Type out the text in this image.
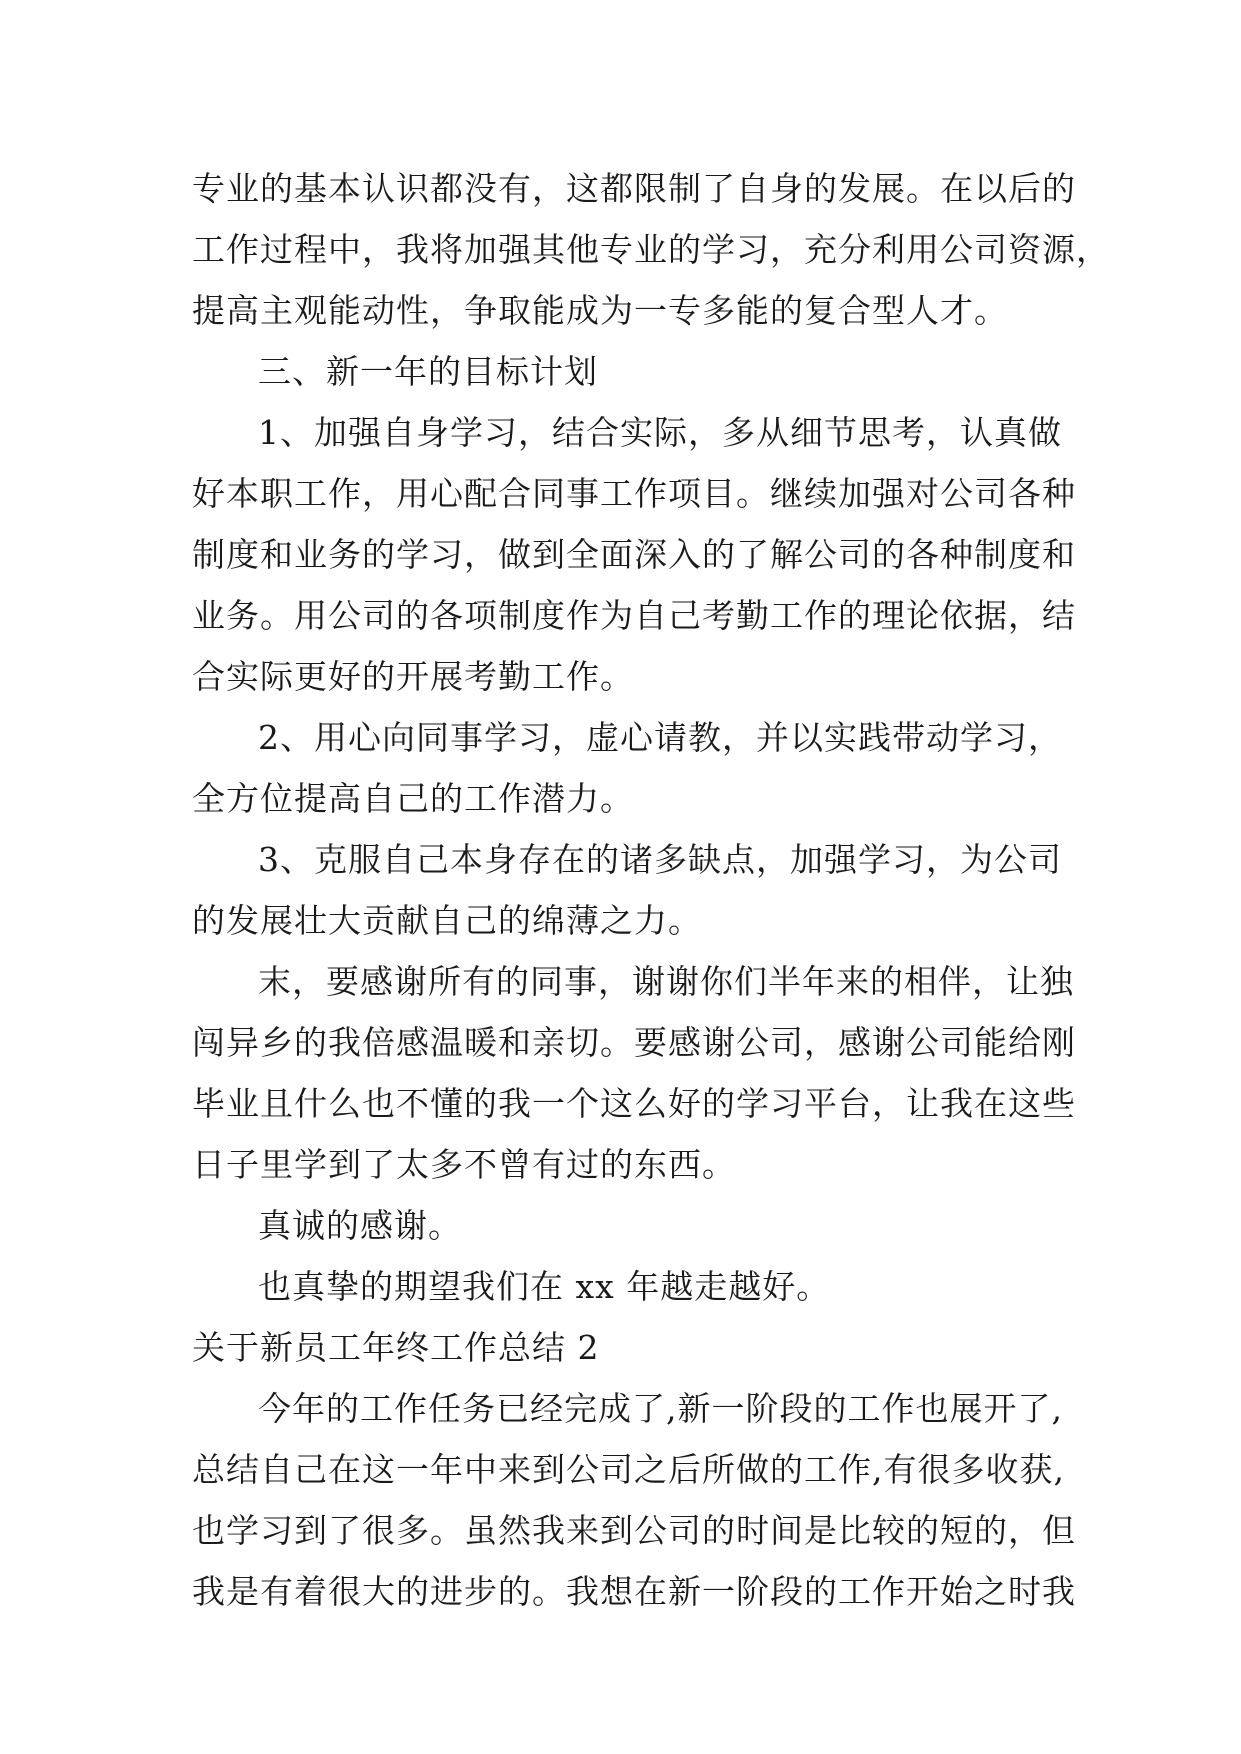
专业的基本认识都没有，这都限制了自身的发展。在以后的
工作过程中，我将加强其他专业的学习，充分利用公司资源，
提高主观能动性，争取能成为一专多能的复合型人才。
三、新一年的目标计划
1、加强自身学习，结合实际，多从细节思考，认真做
好本职工作，用心配合同事工作项目。继续加强对公司各种
制度和业务的学习，做到全面深入的了解公司的各种制度和
业务。用公司的各项制度作为自己考勤工作的理论依据，结
合实际更好的开展考勤工作。
2、用心向同事学习，虚心请教，并以实践带动学习，
全方位提高自己的工作潜力。
3、克服自己本身存在的诸多缺点，加强学习，为公司
的发展壮大贡献自己的绵薄之力。
末，要感谢所有的同事，谢谢你们半年来的相伴，让独
闯异乡的我倍感温暖和亲切。要感谢公司，感谢公司能给刚
毕业且什么也不懂的我一个这么好的学习平台，让我在这些
日子里学到了太多不曾有过的东西。
真诚的感谢。
也真挚的期望我们在 xx 年越走越好。
关于新员工年终工作总结 2
今年的工作任务已经完成了,新一阶段的工作也展开了,
总结自己在这一年中来到公司之后所做的工作,有很多收获,
也学习到了很多。虽然我来到公司的时间是比较的短的，但
我是有着很大的进步的。我想在新一阶段的工作开始之时我
